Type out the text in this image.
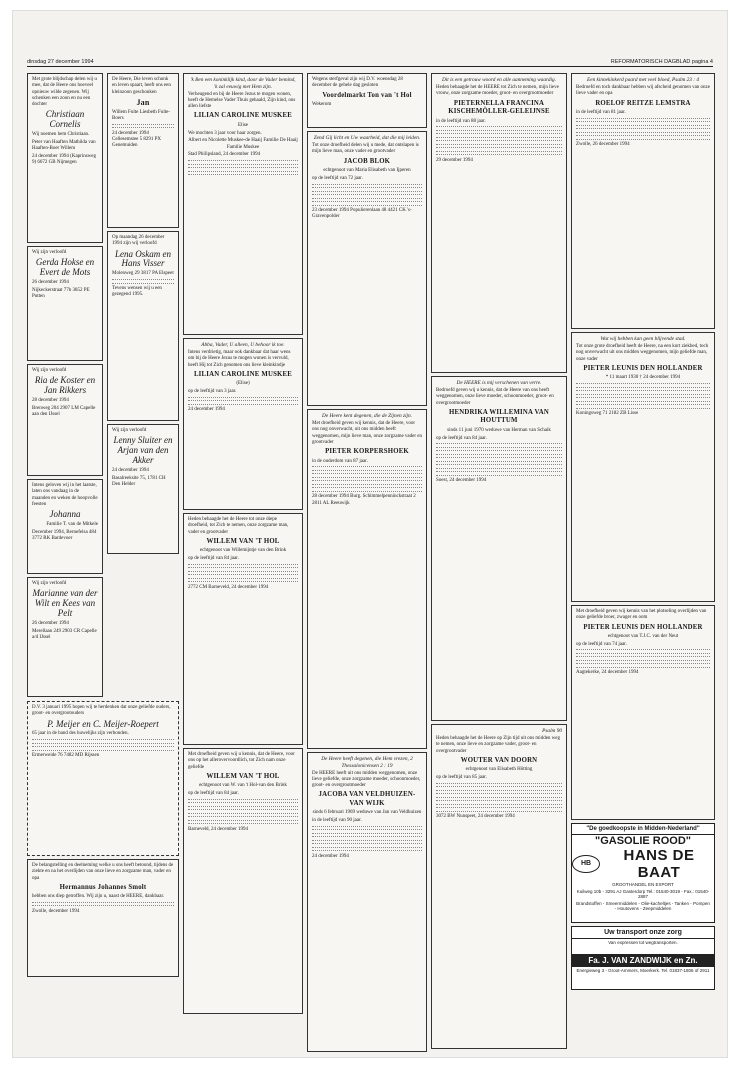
dinsdag 27 december 1994	REFORMATORISCH DAGBLAD pagina 4

Met grote blijdschap delen wij u mee, dat de Heere ons hoeveel opnieuw wilde zegenen. Wij schenken een zoon en nu een dochter

Christiaan Cornelis

Wij noemen hem Christiaan.

Peter van Haaften Mathilda van Haaften-Boer Willem

24 december 1994 (Kaprinsweg 9) 6672 GB Nijmegen

Wij zijn verloofd

Gerda Hokse en Evert de Mots

26 december 1994

Nijkeckerstraat 77b 3852 PE Putten

Wij zijn verloofd

Ria de Koster en Jan Rikkers

28 december 1994

Brenweg 204 2907 LM Capelle aan den IJssel

Intens geloven wij in het laatste, laten ons vandaag in de maanden en weken de hoopvolle feesten

Johanna

Familie T. van de Mitkele

December 1994, Bernefelsa 484 3772 RK Bardevoer

Wij zijn verloofd

Marianne van der Wilt en Kees van Pelt

26 december 1994

Merellaan 249 2903 CR Capelle a/d IJssel

D.V. 3 januari 1995 hopen wij te herdenken dat onze geliefde ouders, groot- en overgrootouders

P. Meijer en C. Meijer-Roepert

65 jaar in de band des huwelijks zijn verbonden.

Ermerweide 76 7482 MD Rijssen

De belangstelling en deelneming welke u ons heeft betoond, tijdens de ziekte en na het overlijden van onze lieve en zorgzame man, vader en opa

Hermannus Johannes Smolt

hebben ons diep getroffen. Wij zijn u, naast de HEERE, dankbaar.

Zwolle, december 1994

De Heere, Die leven schonk en leven spaart, heeft ons een kleinzoon geschonken

Jan

Willem Fulte Liesbeth Fulte-Boers

24 december 1994 Cellesemstee 5 8291 PX Genemuiden

Op maandag 26 december 1994 zijn wij verloofd

Lena Oskam en Hans Visser

Molenweg 29 3817 PA Elspeet

Tevens wensen wij u een gezegend 1995.

Wij zijn verloofd

Lenny Sluiter en Arjan van den Akker

24 december 1994

Basalreeksite 75, 1781 CH Den Helder

'k Ben een koninklijk kind, door de Vader bemind, 'k zal eeuwig met Hem zijn.

Verheugend en bij de Heere Jezus te mogen wonen, heeft de Hemelse Vader Thuis gehaald, Zijn kind, ons allen liefste

LILIAN CAROLINE MUSKEE

Elise

We mochten 3 jaar voor haar zorgen.

Albert en Nicolette Muskee-de Haaij Familie De Haaij Familie Muskee

Stad Philipsland, 24 december 1994

Abba, Vader, U alleen, U behoor ik toe.

Intens verdrietig, maar ook dankbaar dat haar wens om bij de Heere Jezus te mogen wonen is vervuld, heeft Hij tot Zich genomen ons lieve kleinkindje

LILIAN CAROLINE MUSKEE

(Elise)

op de leeftijd van 3 jaar.

24 december 1994

Heden behaagde het de Heere tot onze diepe droefheid, tot Zich te nemen, onze zorgzame man, vader en grootvader

WILLEM VAN 'T HOL

echtgenoot van Willemijntje van den Brink

op de leeftijd van 84 jaar.

2772 CM Barneveld, 24 december 1994

Met droefheid geven wij u kennis, dat de Heere, voor ons op het allerovervoordlich, tot Zich nam onze geliefde

WILLEM VAN 'T HOL

echtgenoot van W. van 't Hol-van den Brink

op de leeftijd van 84 jaar.

Barneveld, 24 december 1994

Wegens sterfgeval zijn wij D.V. woensdag 28 december de gehele dag gesloten

Voordelmarkt Ton van 't Hol

Wekerom

Zend Gij licht en Uw waarheid, dat die mij leiden.

Tot onze droefheid delen wij u mede, dat ontslapen is mijn lieve man, onze vader en grootvader

JACOB BLOK

echtgenoot van Maria Elisabeth van Ijperen

op de leeftijd van 72 jaar.

23 december 1994 Populierenlaan 48 4421 CK 's-Gravenpolder

De Heere kent degenen, die de Zijnen zijn.

Met droefheid geven wij kennis, dat de Heere, voor ons nog onverwacht, uit ons midden heeft weggenomen, mijn lieve man, onze zorgzame vader en grootvader

PIETER KORPERSHOEK

in de ouderdom van 87 jaar.

28 december 1994 Burg. Schimmelpenninckstraat 2 2811 AL Reeuwijk

De Heere heeft degenen, die Hem vrezen, 2 Thessalonicensen 2 : 19

De HEERE heeft uit ons midden weggenomen, onze lieve geliefde, onze zorgzame moeder, schoonmoeder, groot- en overgrootmoeder

JACOBA VAN VELDHUIZEN-VAN WIJK

sinds 6 februari 1969 weduwe van Jan van Veldhuizen

in de leeftijd van 90 jaar.

24 december 1994

Dit is een getrouw woord en alle aanneming waardig.

Heden behaagde het de HEERE tot Zich te nemen, mijn lieve vrouw, onze zorgzame moeder, groot- en overgrootmoeder

PIETERNELLA FRANCINA KISCHEMÖLLER-GELEIJNSE

in de leeftijd van 88 jaar.

29 december 1994

De HEERE is mij verschenen van verre.

Bedroefd geven wij u kennis, dat de Heere van ons heeft weggenomen, onze lieve moeder, schoonmoeder, groot- en overgrootmoeder

HENDRIKA WILLEMINA VAN HOUTTUM

sinds 11 juni 1970 weduwe van Herman van Schaik

op de leeftijd van 84 jaar.

Soest, 24 december 1994

Psalm 90

Heden behaagde het de Heere op Zijn tijd uit ons midden weg te nemen, onze lieve en zorgzame vader, groot- en overgrootvader

WOUTER VAN DOORN

echtgenoot van Elisabeth Hötting

op de leeftijd van 85 jaar.

3072 BW Nunspeet, 24 december 1994

Een kinnekinkerd paard met veel bloed, Psalm 23 : 4

Bedroefd en toch dankbaar hebben wij afscheid genomen van onze lieve vader en opa

ROELOF REITZE LEMSTRA

in de leeftijd van 81 jaar.

Zwolle, 26 december 1994

Wat wij hebben kan geen blijvende stad.

Tot onze grote droefheid heeft de Heere, na een kort ziekbed, toch nog onverwacht uit ons midden weggenomen, mijn geliefde man, onze vader

PIETER LEUNIS DEN HOLLANDER

* 11 maart 1930 † 24 december 1994

Koningsweg 71 2182 ZB Lisse

Met droefheid geven wij kennis van het plotseling overlijden van onze geliefde broer, zwager en oom

PIETER LEUNIS DEN HOLLANDER

echtgenoot van T.J.C. van der Neut

op de leeftijd van 74 jaar.

Aagtekerke, 24 december 1994

"De goedkoopste in Midden-Nederland"
"GASOLIE ROOD"
HB	HANS DE BAAT
GROOTHANDEL EN EXPORT
Kuilweg 10b - 3291 AJ Gasterdorp Tel.: 01540-3019 - Fax.: 01540-2887
Brandstoffen - Smeermiddelen - Olie-kacheltjes - Tanken - Pompen - Houtovens - Zeepmiddelen
Uw transport onze zorg
Van expressen tot wegtransporten.
Fa. J. VAN ZANDWIJK en Zn.
Energieweg 3 - Groot-Ammers, Moerkerk. Tel. 01837-1806 of 2911
